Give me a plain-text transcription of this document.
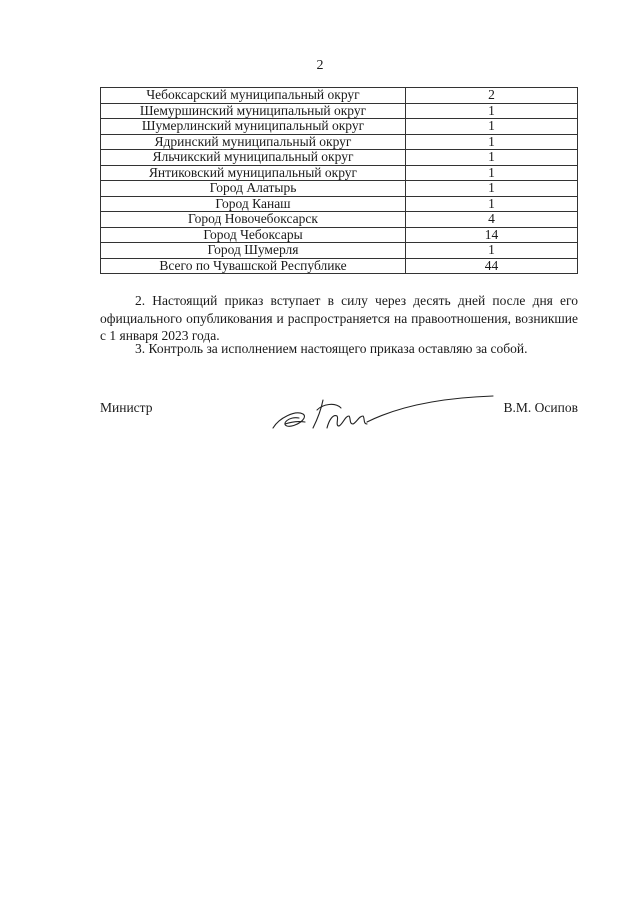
2
Чебоксарский муниципальный округ	2
Шемуршинский муниципальный округ	1
Шумерлинский муниципальный округ	1
Ядринский муниципальный округ	1
Яльчикский муниципальный округ	1
Янтиковский муниципальный округ	1
Город Алатырь	1
Город Канаш	1
Город Новочебоксарск	4
Город Чебоксары	14
Город Шумерля	1
Всего по Чувашской Республике	44
2. Настоящий приказ вступает в силу через десять дней после дня его официального опубликования и распространяется на правоотношения, возникшие с 1 января 2023 года.
3. Контроль за исполнением настоящего приказа оставляю за собой.
Министр	В.М. Осипов
